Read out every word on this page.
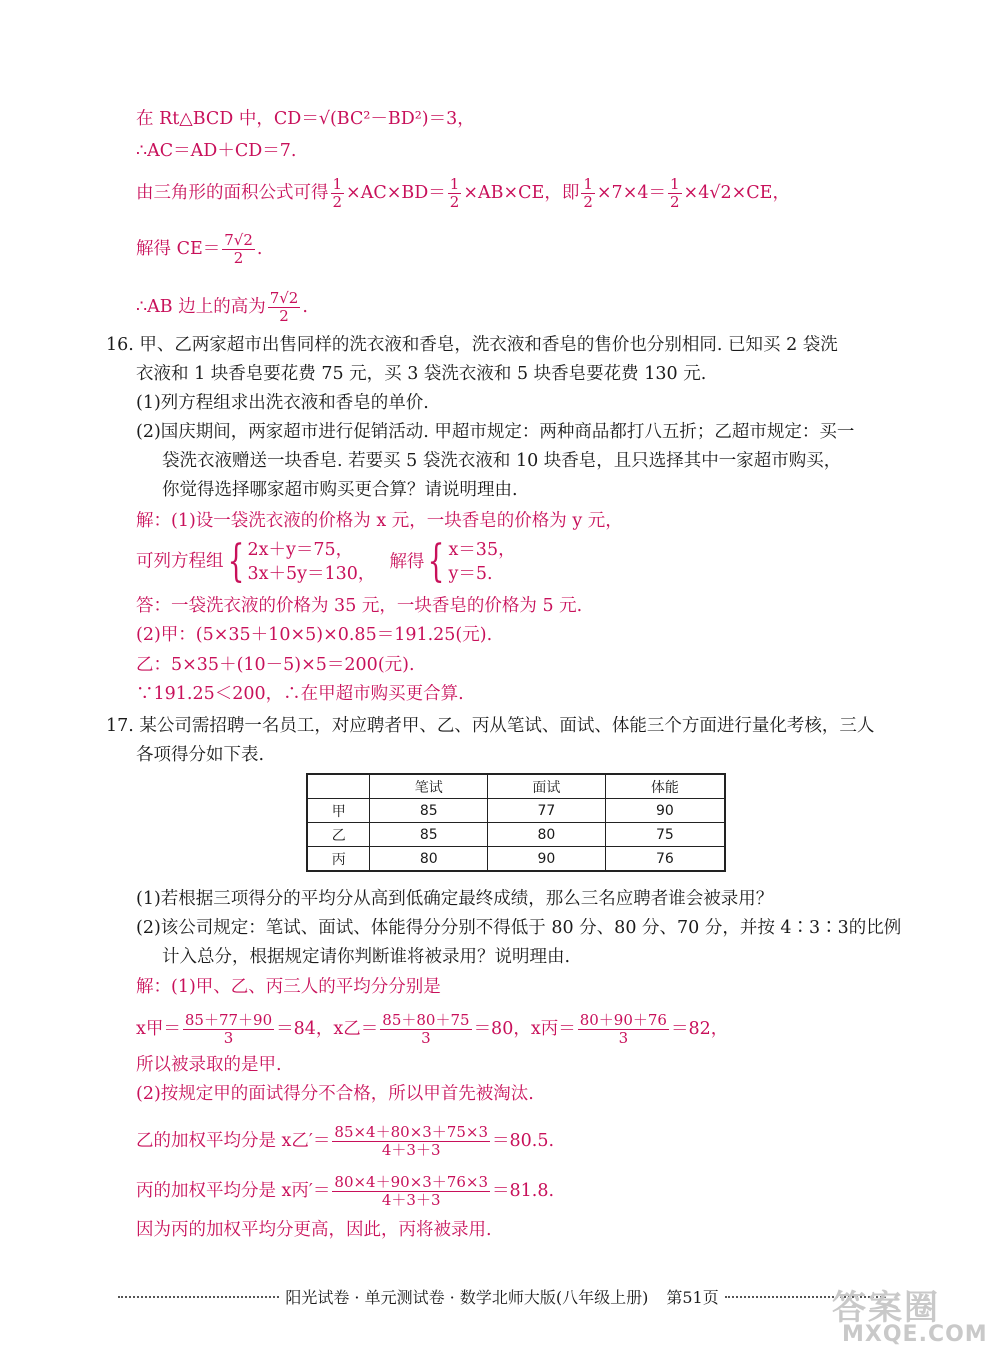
在 Rt△BCD 中，CD＝√(BC²－BD²)＝3，
∴AC＝AD＋CD＝7.
由三角形的面积公式可得 $\frac{1}{2} \times AC\times BD= \frac{1}{2} \times AB\times CE$，即 $\frac{1}{2} \times 7\times 4= \frac{1}{2} \times 4√2\times CE$，
解得 $CE= \frac{7√2}{2}$ .
∴AB 边上的高为 $\frac{7√2}{2}$ .
16. 甲、乙两家超市出售同样的洗衣液和香皂，洗衣液和香皂的售价也分别相同. 已知买 2 袋洗
衣液和 1 块香皂要花费 75 元，买 3 袋洗衣液和 5 块香皂要花费 130 元.
(1)列方程组求出洗衣液和香皂的单价.
(2)国庆期间，两家超市进行促销活动. 甲超市规定：两种商品都打八五折；乙超市规定：买一
袋洗衣液赠送一块香皂. 若要买 5 袋洗衣液和 10 块香皂，且只选择其中一家超市购买，
你觉得选择哪家超市购买更合算？请说明理由.
解：(1)设一袋洗衣液的价格为 x 元，一块香皂的价格为 y 元，
可列方程组{ 2x＋y＝75，
3x＋5y＝130，
解得{ x＝35，
y＝5.
答：一袋洗衣液的价格为 35 元，一块香皂的价格为 5 元.
(2)甲：(5×35＋10×5)×0.85＝191.25(元).
乙：5×35＋(10－5)×5＝200(元).
∵191.25＜200，∴在甲超市购买更合算.
17. 某公司需招聘一名员工，对应聘者甲、乙、丙从笔试、面试、体能三个方面进行量化考核，三人
各项得分如下表.
	笔试	面试	体能
甲	85	77	90
乙	85	80	75
丙	80	90	76
(1)若根据三项得分的平均分从高到低确定最终成绩，那么三名应聘者谁会被录用？
(2)该公司规定：笔试、面试、体能得分分别不得低于 80 分、80 分、70 分，并按 4∶3∶3的比例
计入总分，根据规定请你判断谁将被录用？说明理由.
解：(1)甲、乙、丙三人的平均分分别是
x甲＝ $\frac{85+77+90}{3} =84$，x乙＝ $\frac{85+80+75}{3} =80$，x丙＝ $\frac{80+90+76}{3} =82$，
所以被录取的是甲.
(2)按规定甲的面试得分不合格，所以甲首先被淘汰.
乙的加权平均分是 x乙′＝ $\frac{85\times 4+80\times 3+75\times 3}{4+3+3} =80.5$.
丙的加权平均分是 x丙′＝ $\frac{80\times 4+90\times 3+76\times 3}{4+3+3} =81.8$.
因为丙的加权平均分更高，因此，丙将被录用.
阳光试卷 · 单元测试卷 · 数学北师大版(八年级上册) 第51页	答案圈
MXQE.COM
